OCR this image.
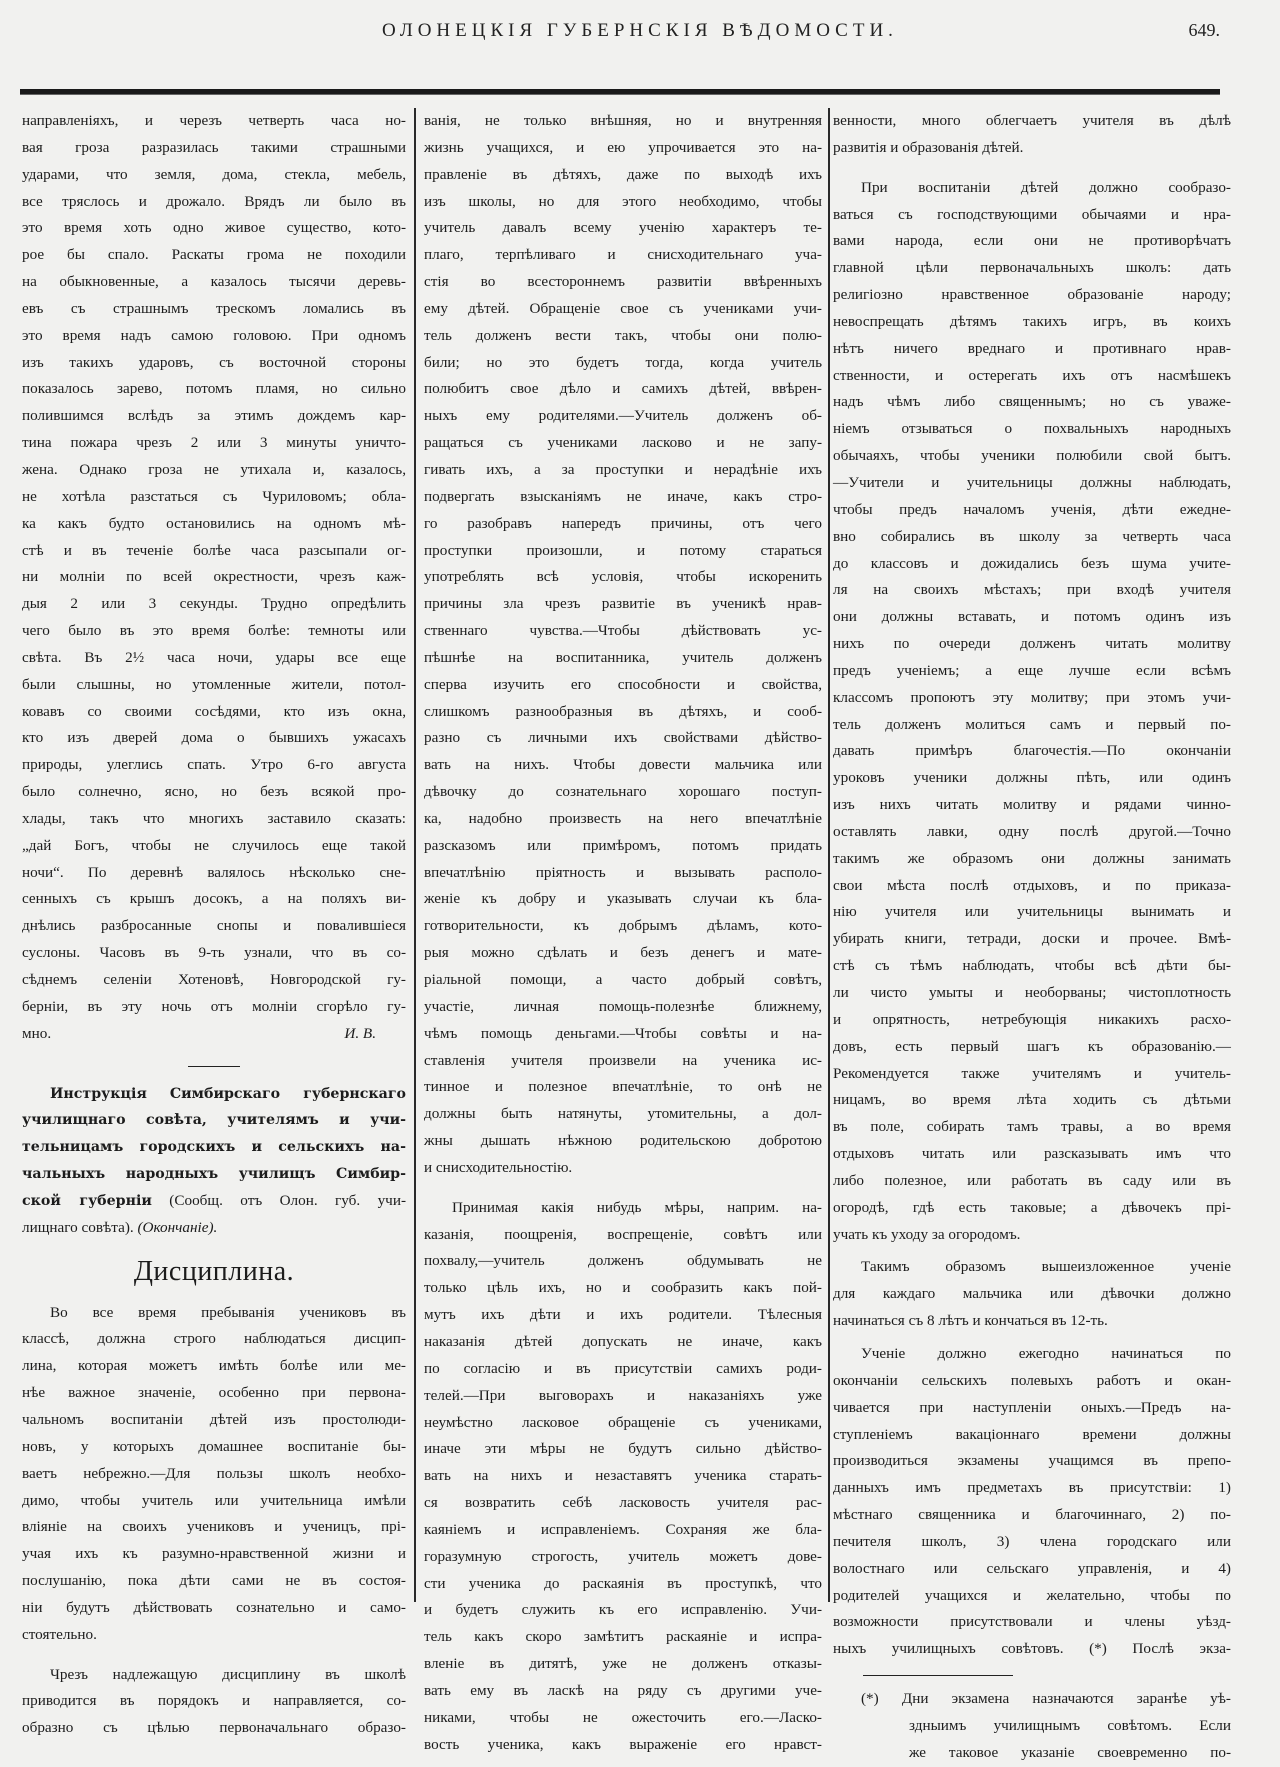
ОЛОНЕЦКІЯ ГУБЕРНСКІЯ ВѢДОМОСТИ.	649.
направленіяхъ, и черезъ четверть часа но-
вая гроза разразилась такими страшными
ударами, что земля, дома, стекла, мебель,
все тряслось и дрожало. Врядъ ли было въ
это время хоть одно живое существо, кото-
рое бы спало. Раскаты грома не походили
на обыкновенные, а казалось тысячи деревь-
евъ съ страшнымъ трескомъ ломались въ
это время надъ самою головою. При одномъ
изъ такихъ ударовъ, съ восточной стороны
показалось зарево, потомъ пламя, но сильно
полившимся вслѣдъ за этимъ дождемъ кар-
тина пожара чрезъ 2 или 3 минуты уничто-
жена. Однако гроза не утихала и, казалось,
не хотѣла разстаться съ Чуриловомъ; обла-
ка какъ будто остановились на одномъ мѣ-
стѣ и въ теченіе болѣе часа разсыпали ог-
ни молніи по всей окрестности, чрезъ каж-
дыя 2 или 3 секунды. Трудно опредѣлить
чего было въ это время болѣе: темноты или
свѣта. Въ 2½ часа ночи, удары все еще
были слышны, но утомленные жители, потол-
ковавъ со своими сосѣдями, кто изъ окна,
кто изъ дверей дома о бывшихъ ужасахъ
природы, улеглись спать. Утро 6-го августа
было солнечно, ясно, но безъ всякой про-
хлады, такъ что многихъ заставило сказать:
„дай Богъ, чтобы не случилось еще такой
ночи“. По деревнѣ валялось нѣсколько сне-
сенныхъ съ крышъ досокъ, а на поляхъ ви-
днѣлись разбросанные снопы и повалившіеся
суслоны. Часовъ въ 9-ть узнали, что въ со-
сѣднемъ селеніи Хотеновѣ, Новгородской гу-
берніи, въ эту ночь отъ молніи сгорѣло гу-
мно.	И. В.
Инструкція Симбирскаго губернскаго
училищнаго совѣта, учителямъ и учи-
тельницамъ городскихъ и сельскихъ на-
чальныхъ народныхъ училищъ Симбир-
ской губерніи (Сообщ. отъ Олон. губ. учи-
лищнаго совѣта). (Окончаніе).
Дисциплина.
Во все время пребыванія учениковъ въ
классѣ, должна строго наблюдаться дисцип-
лина, которая можетъ имѣть болѣе или ме-
нѣе важное значеніе, особенно при первона-
чальномъ воспитаніи дѣтей изъ простолюди-
новъ, у которыхъ домашнее воспитаніе бы-
ваетъ небрежно.—Для пользы школъ необхо-
димо, чтобы учитель или учительница имѣли
вліяніе на своихъ учениковъ и ученицъ, прі-
учая ихъ къ разумно-нравственной жизни и
послушанію, пока дѣти сами не въ состоя-
ніи будутъ дѣйствовать сознательно и само-
стоятельно.
Чрезъ надлежащую дисциплину въ школѣ
приводится въ порядокъ и направляется, со-
образно съ цѣлью первоначальнаго образо-
ванія, не только внѣшняя, но и внутренняя
жизнь учащихся, и ею упрочивается это на-
правленіе въ дѣтяхъ, даже по выходѣ ихъ
изъ школы, но для этого необходимо, чтобы
учитель давалъ всему ученію характеръ те-
плаго, терпѣливаго и снисходительнаго уча-
стія во всестороннемъ развитіи ввѣренныхъ
ему дѣтей. Обращеніе свое съ учениками учи-
тель долженъ вести такъ, чтобы они полю-
били; но это будетъ тогда, когда учитель
полюбитъ свое дѣло и самихъ дѣтей, ввѣрен-
ныхъ ему родителями.—Учитель долженъ об-
ращаться съ учениками ласково и не запу-
гивать ихъ, а за проступки и нерадѣніе ихъ
подвергать взысканіямъ не иначе, какъ стро-
го разобравъ напередъ причины, отъ чего
проступки произошли, и потому стараться
употреблять всѣ условія, чтобы искоренить
причины зла чрезъ развитіе въ ученикѣ нрав-
ственнаго чувства.—Чтобы дѣйствовать ус-
пѣшнѣе на воспитанника, учитель долженъ
сперва изучить его способности и свойства,
слишкомъ разнообразныя въ дѣтяхъ, и сооб-
разно съ личными ихъ свойствами дѣйство-
вать на нихъ. Чтобы довести мальчика или
дѣвочку до сознательнаго хорошаго поступ-
ка, надобно произвесть на него впечатлѣніе
разсказомъ или примѣромъ, потомъ придать
впечатлѣнію пріятность и вызывать располо-
женіе къ добру и указывать случаи къ бла-
готворительности, къ добрымъ дѣламъ, кото-
рыя можно сдѣлать и безъ денегъ и мате-
ріальной помощи, а часто добрый совѣтъ,
участіе, личная помощь-полезнѣе ближнему,
чѣмъ помощь деньгами.—Чтобы совѣты и на-
ставленія учителя произвели на ученика ис-
тинное и полезное впечатлѣніе, то онѣ не
должны быть натянуты, утомительны, а дол-
жны дышать нѣжною родительскою добротою
и снисходительностію.
Принимая какія нибудь мѣры, наприм. на-
казанія, поощренія, воспрещеніе, совѣтъ или
похвалу,—учитель долженъ обдумывать не
только цѣль ихъ, но и сообразить какъ пой-
мутъ ихъ дѣти и ихъ родители. Тѣлесныя
наказанія дѣтей допускать не иначе, какъ
по согласію и въ присутствіи самихъ роди-
телей.—При выговорахъ и наказаніяхъ уже
неумѣстно ласковое обращеніе съ учениками,
иначе эти мѣры не будутъ сильно дѣйство-
вать на нихъ и незаставятъ ученика старать-
ся возвратить себѣ ласковость учителя рас-
каяніемъ и исправленіемъ. Сохраняя же бла-
горазумную строгость, учитель можетъ дове-
сти ученика до раскаянія въ проступкѣ, что
и будетъ служить къ его исправленію. Учи-
тель какъ скоро замѣтитъ раскаяніе и испра-
вленіе въ дитятѣ, уже не долженъ отказы-
вать ему въ ласкѣ на ряду съ другими уче-
никами, чтобы не ожесточить его.—Ласко-
вость ученика, какъ выраженіе его нравст-
венности, много облегчаетъ учителя въ дѣлѣ
развитія и образованія дѣтей.
При воспитаніи дѣтей должно сообразо-
ваться съ господствующими обычаями и нра-
вами народа, если они не противорѣчатъ
главной цѣли первоначальныхъ школъ: дать
религіозно нравственное образованіе народу;
невоспрещать дѣтямъ такихъ игръ, въ коихъ
нѣтъ ничего вреднаго и противнаго нрав-
ственности, и остерегать ихъ отъ насмѣшекъ
надъ чѣмъ либо священнымъ; но съ уваже-
ніемъ отзываться о похвальныхъ народныхъ
обычаяхъ, чтобы ученики полюбили свой бытъ.
—Учители и учительницы должны наблюдать,
чтобы предъ началомъ ученія, дѣти ежедне-
вно собирались въ школу за четверть часа
до классовъ и дожидались безъ шума учите-
ля на своихъ мѣстахъ; при входѣ учителя
они должны вставать, и потомъ одинъ изъ
нихъ по очереди долженъ читать молитву
предъ ученіемъ; а еще лучше если всѣмъ
классомъ пропоютъ эту молитву; при этомъ учи-
тель долженъ молиться самъ и первый по-
давать примѣръ благочестія.—По окончаніи
уроковъ ученики должны пѣть, или одинъ
изъ нихъ читать молитву и рядами чинно-
оставлять лавки, одну послѣ другой.—Точно
такимъ же образомъ они должны занимать
свои мѣста послѣ отдыховъ, и по приказа-
нію учителя или учительницы вынимать и
убирать книги, тетради, доски и прочее. Вмѣ-
стѣ съ тѣмъ наблюдать, чтобы всѣ дѣти бы-
ли чисто умыты и необорваны; чистоплотность
и опрятность, нетребующія никакихъ расхо-
довъ, есть первый шагъ къ образованію.—
Рекомендуется также учителямъ и учитель-
ницамъ, во время лѣта ходить съ дѣтьми
въ поле, собирать тамъ травы, а во время
отдыховъ читать или разсказывать имъ что
либо полезное, или работать въ саду или въ
огородѣ, гдѣ есть таковые; а дѣвочекъ прі-
учать къ уходу за огородомъ.
Такимъ образомъ вышеизложенное ученіе
для каждаго мальчика или дѣвочки должно
начинаться съ 8 лѣтъ и кончаться въ 12-ть.
Ученіе должно ежегодно начинаться по
окончаніи сельскихъ полевыхъ работъ и окан-
чивается при наступленіи оныхъ.—Предъ на-
ступленіемъ вакаціоннаго времени должны
производиться экзамены учащимся въ препо-
данныхъ имъ предметахъ въ присутствіи: 1)
мѣстнаго священника и благочиннаго, 2) по-
печителя школъ, 3) члена городскаго или
волостнаго или сельскаго управленія, и 4)
родителей учащихся и желательно, чтобы по
возможности присутствовали и члены уѣзд-
ныхъ училищныхъ совѣтовъ. (*) Послѣ экза-
(*) Дни экзамена назначаются заранѣе уѣ-
здныимъ училищнымъ совѣтомъ. Если
же таковое указаніе своевременно по-
